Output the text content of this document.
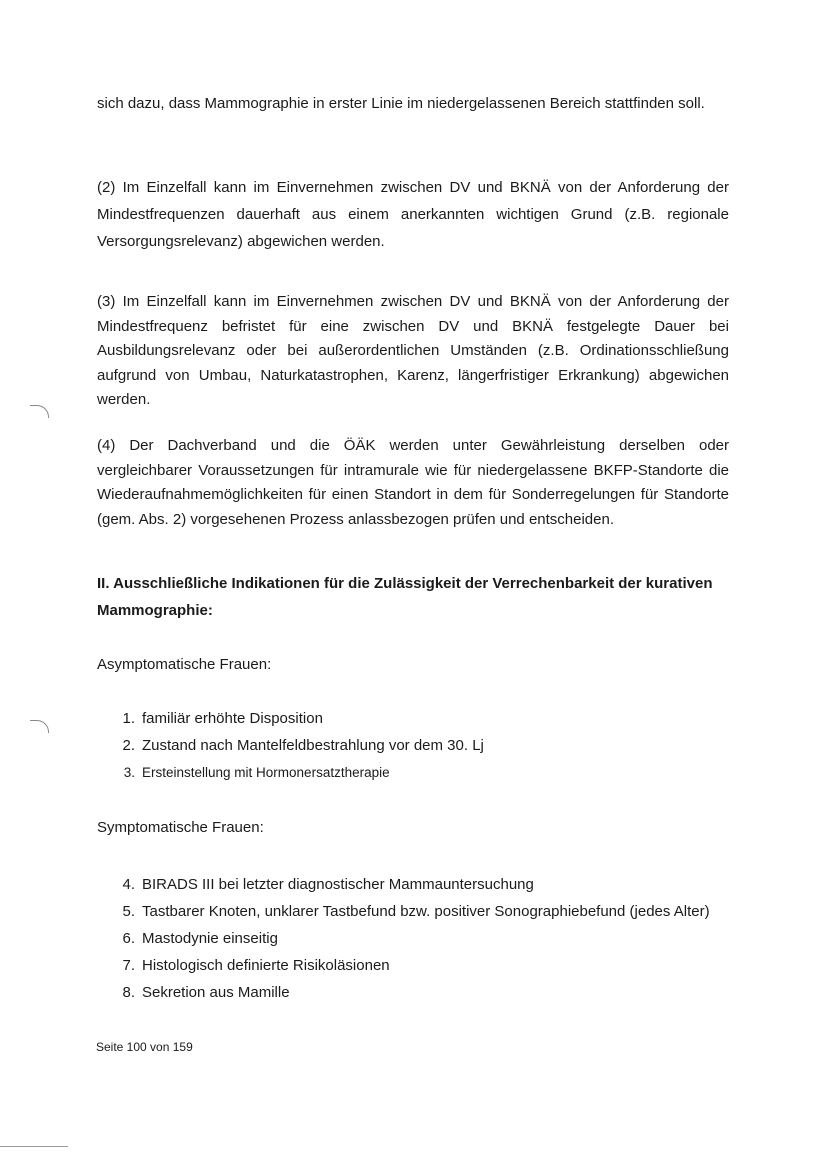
sich dazu, dass Mammographie in erster Linie im niedergelassenen Bereich stattfinden soll.

(2) Im Einzelfall kann im Einvernehmen zwischen DV und BKNÄ von der Anforderung der Mindestfrequenzen dauerhaft aus einem anerkannten wichtigen Grund (z.B. regionale Versorgungsrelevanz) abgewichen werden.

(3) Im Einzelfall kann im Einvernehmen zwischen DV und BKNÄ von der Anforderung der Mindestfrequenz befristet für eine zwischen DV und BKNÄ festgelegte Dauer bei Ausbildungsrelevanz oder bei außerordentlichen Umständen (z.B. Ordinationsschließung aufgrund von Umbau, Naturkatastrophen, Karenz, längerfristiger Erkrankung) abgewichen werden.

(4) Der Dachverband und die ÖÄK werden unter Gewährleistung derselben oder vergleichbarer Voraussetzungen für intramurale wie für niedergelassene BKFP-Standorte die Wiederaufnahmemöglichkeiten für einen Standort in dem für Sonderregelungen für Standorte (gem. Abs. 2) vorgesehenen Prozess anlassbezogen prüfen und entscheiden.

II. Ausschließliche Indikationen für die Zulässigkeit der Verrechenbarkeit der kurativen Mammographie:

Asymptomatische Frauen:

1. familiär erhöhte Disposition
2. Zustand nach Mantelfeldbestrahlung vor dem 30. Lj
3. Ersteinstellung mit Hormonersatztherapie

Symptomatische Frauen:

4. BIRADS III bei letzter diagnostischer Mammauntersuchung
5. Tastbarer Knoten, unklarer Tastbefund bzw. positiver Sonographiebefund (jedes Alter)
6. Mastodynie einseitig
7. Histologisch definierte Risikoläsionen
8. Sekretion aus Mamille

Seite 100 von 159
